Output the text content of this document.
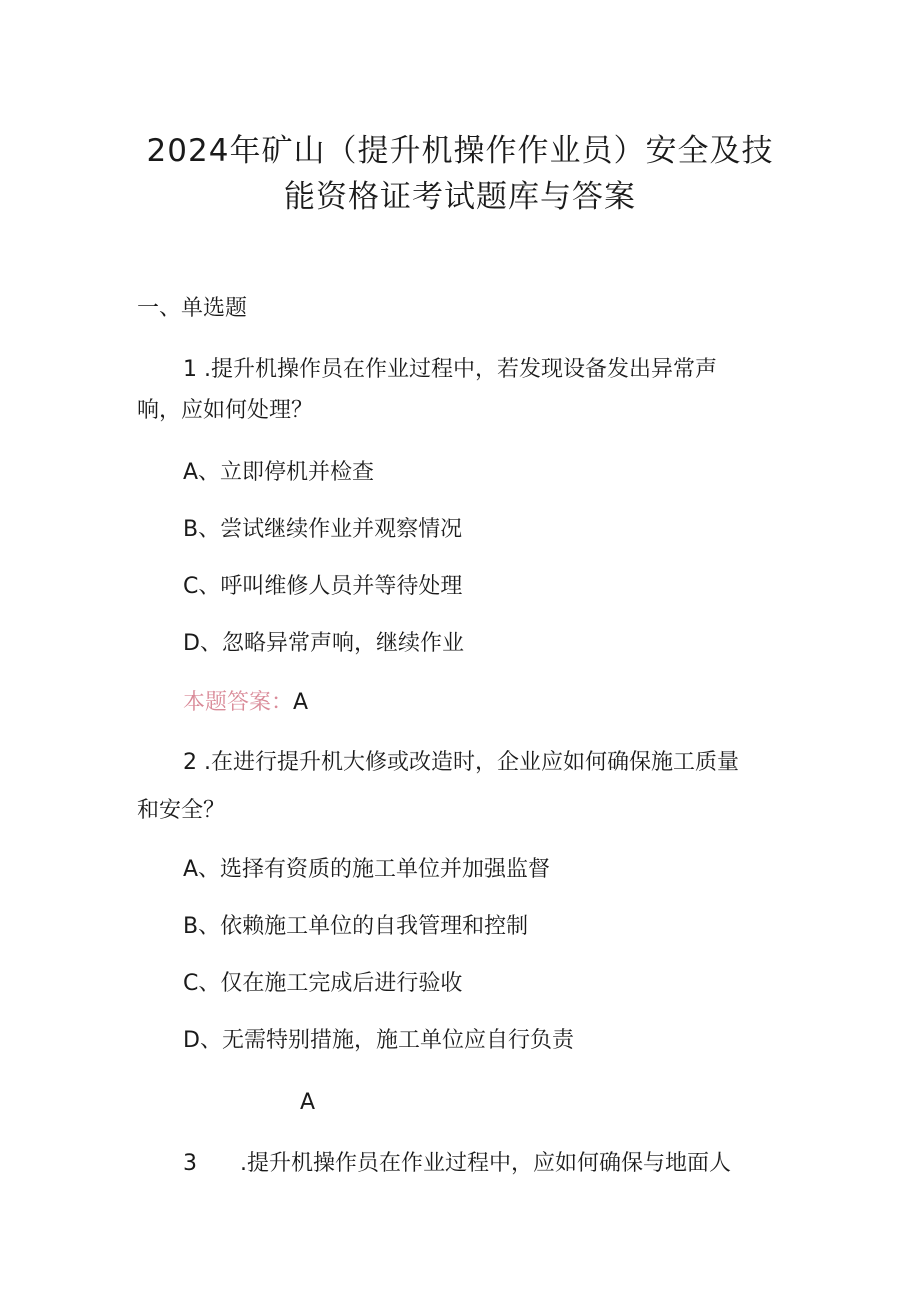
2024年矿山（提升机操作作业员）安全及技
能资格证考试题库与答案
一、单选题
1 .提升机操作员在作业过程中，若发现设备发出异常声
响，应如何处理？
A、立即停机并检查
B、尝试继续作业并观察情况
C、呼叫维修人员并等待处理
D、忽略异常声响，继续作业
本题答案：A
2 .在进行提升机大修或改造时，企业应如何确保施工质量
和安全？
A、选择有资质的施工单位并加强监督
B、依赖施工单位的自我管理和控制
C、仅在施工完成后进行验收
D、无需特别措施，施工单位应自行负责
A
3 .提升机操作员在作业过程中，应如何确保与地面人
